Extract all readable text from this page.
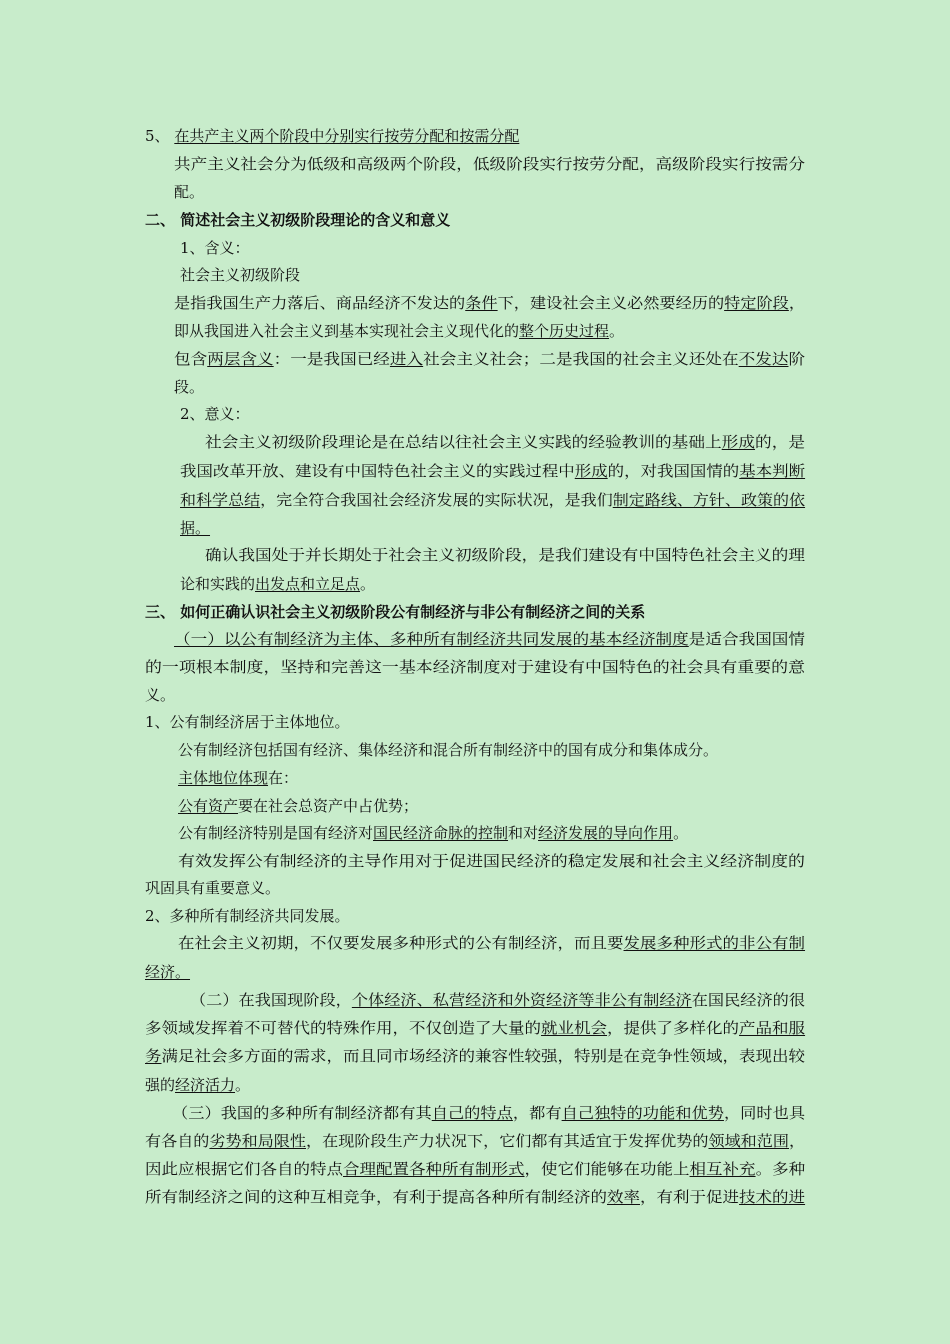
5、 在共产主义两个阶段中分别实行按劳分配和按需分配
共产主义社会分为低级和高级两个阶段，低级阶段实行按劳分配，高级阶段实行按需分
配。
二、 简述社会主义初级阶段理论的含义和意义
1、含义：
社会主义初级阶段
是指我国生产力落后、商品经济不发达的条件下，建设社会主义必然要经历的特定阶段，
即从我国进入社会主义到基本实现社会主义现代化的整个历史过程。
包含两层含义：一是我国已经进入社会主义社会；二是我国的社会主义还处在不发达阶
段。
2、意义：
社会主义初级阶段理论是在总结以往社会主义实践的经验教训的基础上形成的，是
我国改革开放、建设有中国特色社会主义的实践过程中形成的，对我国国情的基本判断
和科学总结，完全符合我国社会经济发展的实际状况，是我们制定路线、方针、政策的依
据。
确认我国处于并长期处于社会主义初级阶段，是我们建设有中国特色社会主义的理
论和实践的出发点和立足点。
三、 如何正确认识社会主义初级阶段公有制经济与非公有制经济之间的关系
（一）以公有制经济为主体、多种所有制经济共同发展的基本经济制度是适合我国国情
的一项根本制度，坚持和完善这一基本经济制度对于建设有中国特色的社会具有重要的意
义。
1、公有制经济居于主体地位。
公有制经济包括国有经济、集体经济和混合所有制经济中的国有成分和集体成分。
主体地位体现在：
公有资产要在社会总资产中占优势；
公有制经济特别是国有经济对国民经济命脉的控制和对经济发展的导向作用。
有效发挥公有制经济的主导作用对于促进国民经济的稳定发展和社会主义经济制度的
巩固具有重要意义。
2、多种所有制经济共同发展。
在社会主义初期，不仅要发展多种形式的公有制经济，而且要发展多种形式的非公有制
经济。
（二）在我国现阶段，个体经济、私营经济和外资经济等非公有制经济在国民经济的很
多领域发挥着不可替代的特殊作用，不仅创造了大量的就业机会，提供了多样化的产品和服
务满足社会多方面的需求，而且同市场经济的兼容性较强，特别是在竞争性领域，表现出较
强的经济活力。
（三）我国的多种所有制经济都有其自己的特点，都有自己独特的功能和优势，同时也具
有各自的劣势和局限性，在现阶段生产力状况下，它们都有其适宜于发挥优势的领域和范围，
因此应根据它们各自的特点合理配置各种所有制形式，使它们能够在功能上相互补充。多种
所有制经济之间的这种互相竞争，有利于提高各种所有制经济的效率，有利于促进技术的进
